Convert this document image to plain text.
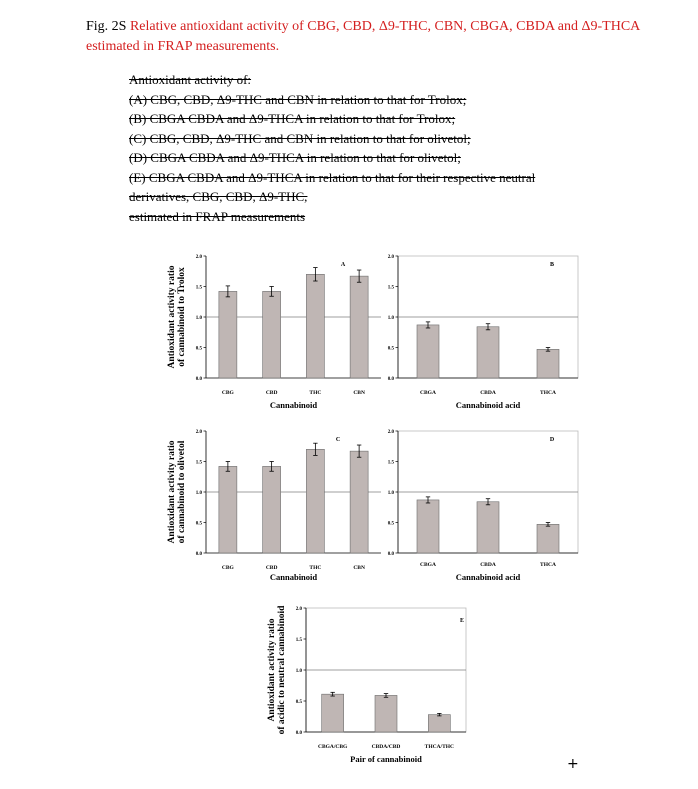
Fig. 2S Relative antioxidant activity of CBG, CBD, Δ9-THC, CBN, CBGA, CBDA and Δ9-THCA estimated in FRAP measurements.
Antioxidant activity of:
(A) CBG, CBD, Δ9-THC and CBN in relation to that for Trolox;
(B) CBGA CBDA and Δ9-THCA in relation to that for Trolox;
(C) CBG, CBD, Δ9-THC and CBN in relation to that for olivetol;
(D) CBGA CBDA and Δ9-THCA in relation to that for olivetol;
(E) CBGA CBDA and Δ9-THCA in relation to that for their respective neutral
derivatives, CBG, CBD, Δ9-THC,
estimated in FRAP measurements
0.0
0.5
1.0
1.5
2.0
CBG	CBD	THC	CBN
Cannabinoid
Antioxidant activity ratio of cannabinoid to Trolox
A
0.0
0.5
1.0
1.5
2.0
CBGA	CBDA	THCA
Cannabinoid acid
B
0.0
0.5
1.0
1.5
2.0
CBG	CBD	THC	CBN
Cannabinoid
Antioxidant activity ratio of cannabinoid to olivetol
C
0.0
0.5
1.0
1.5
2.0
CBGA	CBDA	THCA
Cannabinoid acid
D
0.0
0.5
1.0
1.5
2.0
CBGA/CBG	CBDA/CBD	THCA/THC
Pair of cannabinoid
Antioxidant activity ratio of acidic to neutral cannabinoid	E
+
